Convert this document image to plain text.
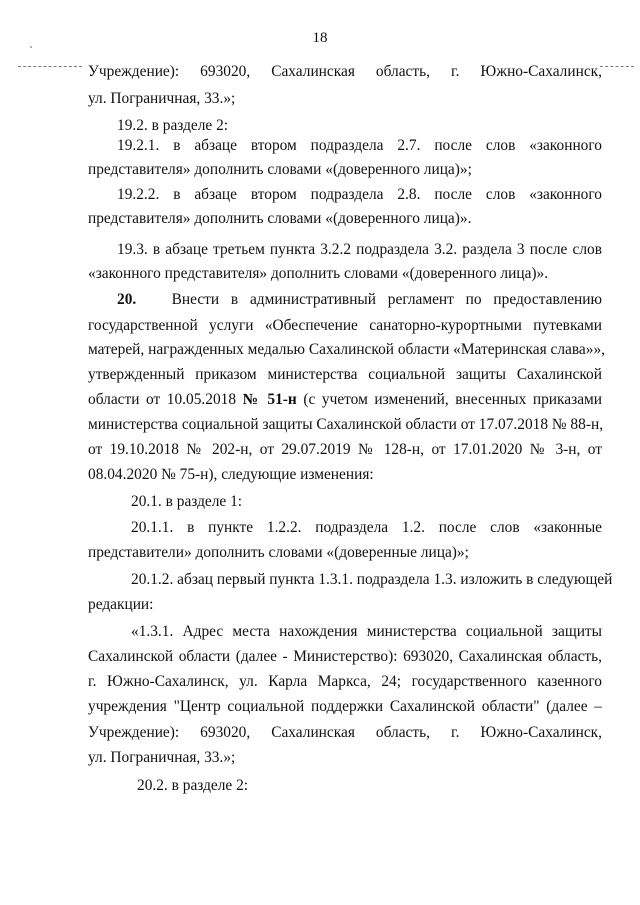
18
Учреждение): 693020, Сахалинская область, г. Южно-Сахалинск,
ул. Пограничная, 33.»;
19.2. в разделе 2:
19.2.1. в абзаце втором подраздела 2.7. после слов «законного
представителя» дополнить словами «(доверенного лица)»;
19.2.2. в абзаце втором подраздела 2.8. после слов «законного
представителя» дополнить словами «(доверенного лица)».
19.3. в абзаце третьем пункта 3.2.2 подраздела 3.2. раздела 3 после слов
«законного представителя» дополнить словами «(доверенного лица)».
20. Внести в административный регламент по предоставлению
государственной услуги «Обеспечение санаторно-курортными путевками
матерей, награжденных медалью Сахалинской области «Материнская слава»»,
утвержденный приказом министерства социальной защиты Сахалинской
области от 10.05.2018 № 51-н (с учетом изменений, внесенных приказами
министерства социальной защиты Сахалинской области от 17.07.2018 № 88-н,
от 19.10.2018 № 202-н, от 29.07.2019 № 128-н, от 17.01.2020 № 3-н, от
08.04.2020 № 75-н), следующие изменения:
20.1. в разделе 1:
20.1.1. в пункте 1.2.2. подраздела 1.2. после слов «законные
представители» дополнить словами «(доверенные лица)»;
20.1.2. абзац первый пункта 1.3.1. подраздела 1.3. изложить в следующей
редакции:
«1.3.1. Адрес места нахождения министерства социальной защиты
Сахалинской области (далее - Министерство): 693020, Сахалинская область,
г. Южно-Сахалинск, ул. Карла Маркса, 24; государственного казенного
учреждения "Центр социальной поддержки Сахалинской области" (далее –
Учреждение): 693020, Сахалинская область, г. Южно-Сахалинск,
ул. Пограничная, 33.»;
20.2. в разделе 2:
